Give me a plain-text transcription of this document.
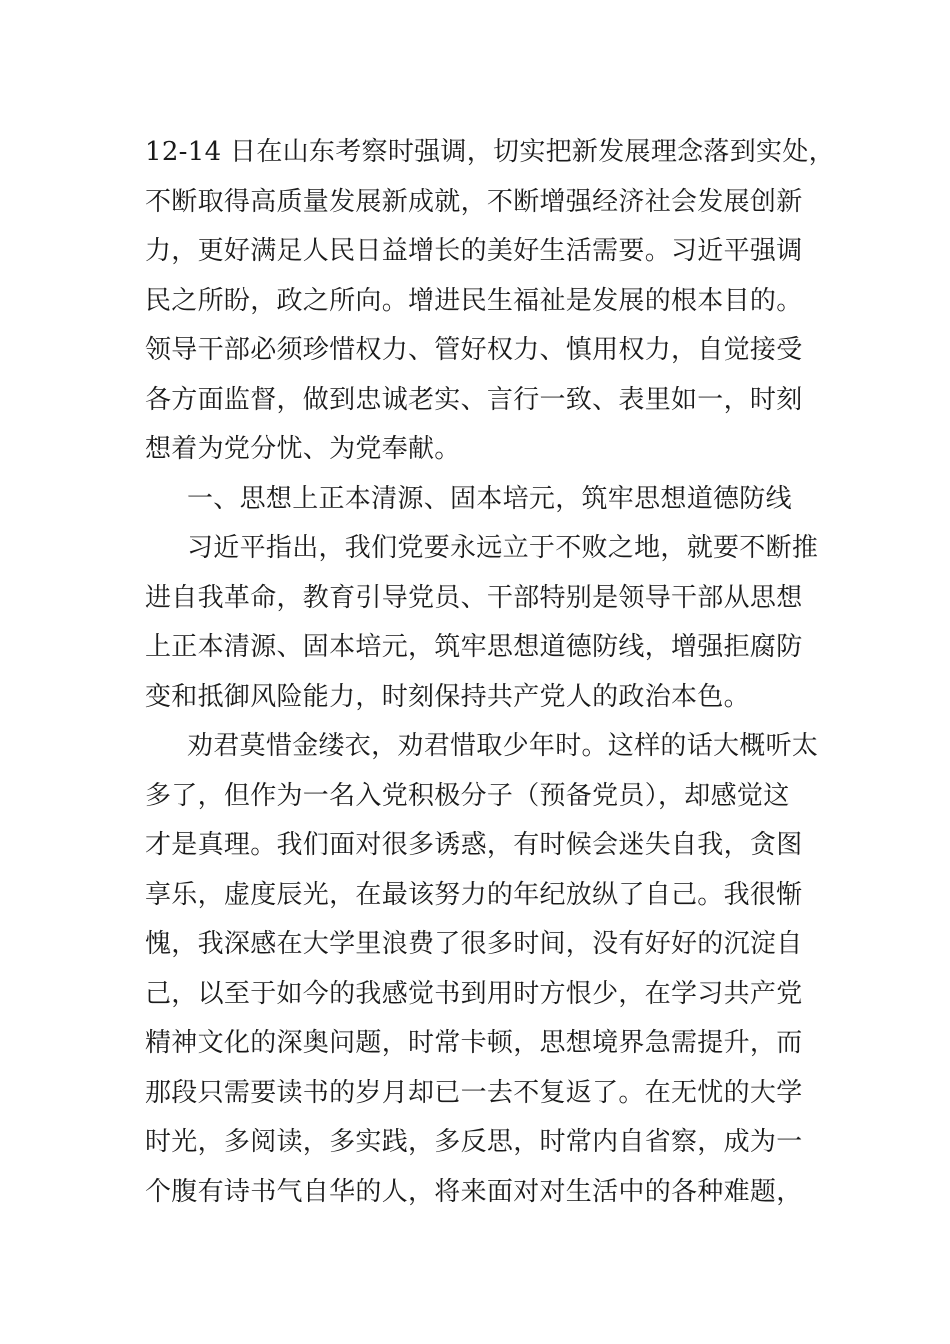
12-14 日在山东考察时强调，切实把新发展理念落到实处，
不断取得高质量发展新成就，不断增强经济社会发展创新
力，更好满足人民日益增长的美好生活需要。习近平强调
民之所盼，政之所向。增进民生福祉是发展的根本目的。
领导干部必须珍惜权力、管好权力、慎用权力，自觉接受
各方面监督，做到忠诚老实、言行一致、表里如一，时刻
想着为党分忧、为党奉献。
一、思想上正本清源、固本培元，筑牢思想道德防线
习近平指出，我们党要永远立于不败之地，就要不断推
进自我革命，教育引导党员、干部特别是领导干部从思想
上正本清源、固本培元，筑牢思想道德防线，增强拒腐防
变和抵御风险能力，时刻保持共产党人的政治本色。
劝君莫惜金缕衣，劝君惜取少年时。这样的话大概听太
多了，但作为一名入党积极分子（预备党员），却感觉这
才是真理。我们面对很多诱惑，有时候会迷失自我，贪图
享乐，虚度辰光，在最该努力的年纪放纵了自己。我很惭
愧，我深感在大学里浪费了很多时间，没有好好的沉淀自
己，以至于如今的我感觉书到用时方恨少，在学习共产党
精神文化的深奥问题，时常卡顿，思想境界急需提升，而
那段只需要读书的岁月却已一去不复返了。在无忧的大学
时光，多阅读，多实践，多反思，时常内自省察，成为一
个腹有诗书气自华的人，将来面对对生活中的各种难题，
